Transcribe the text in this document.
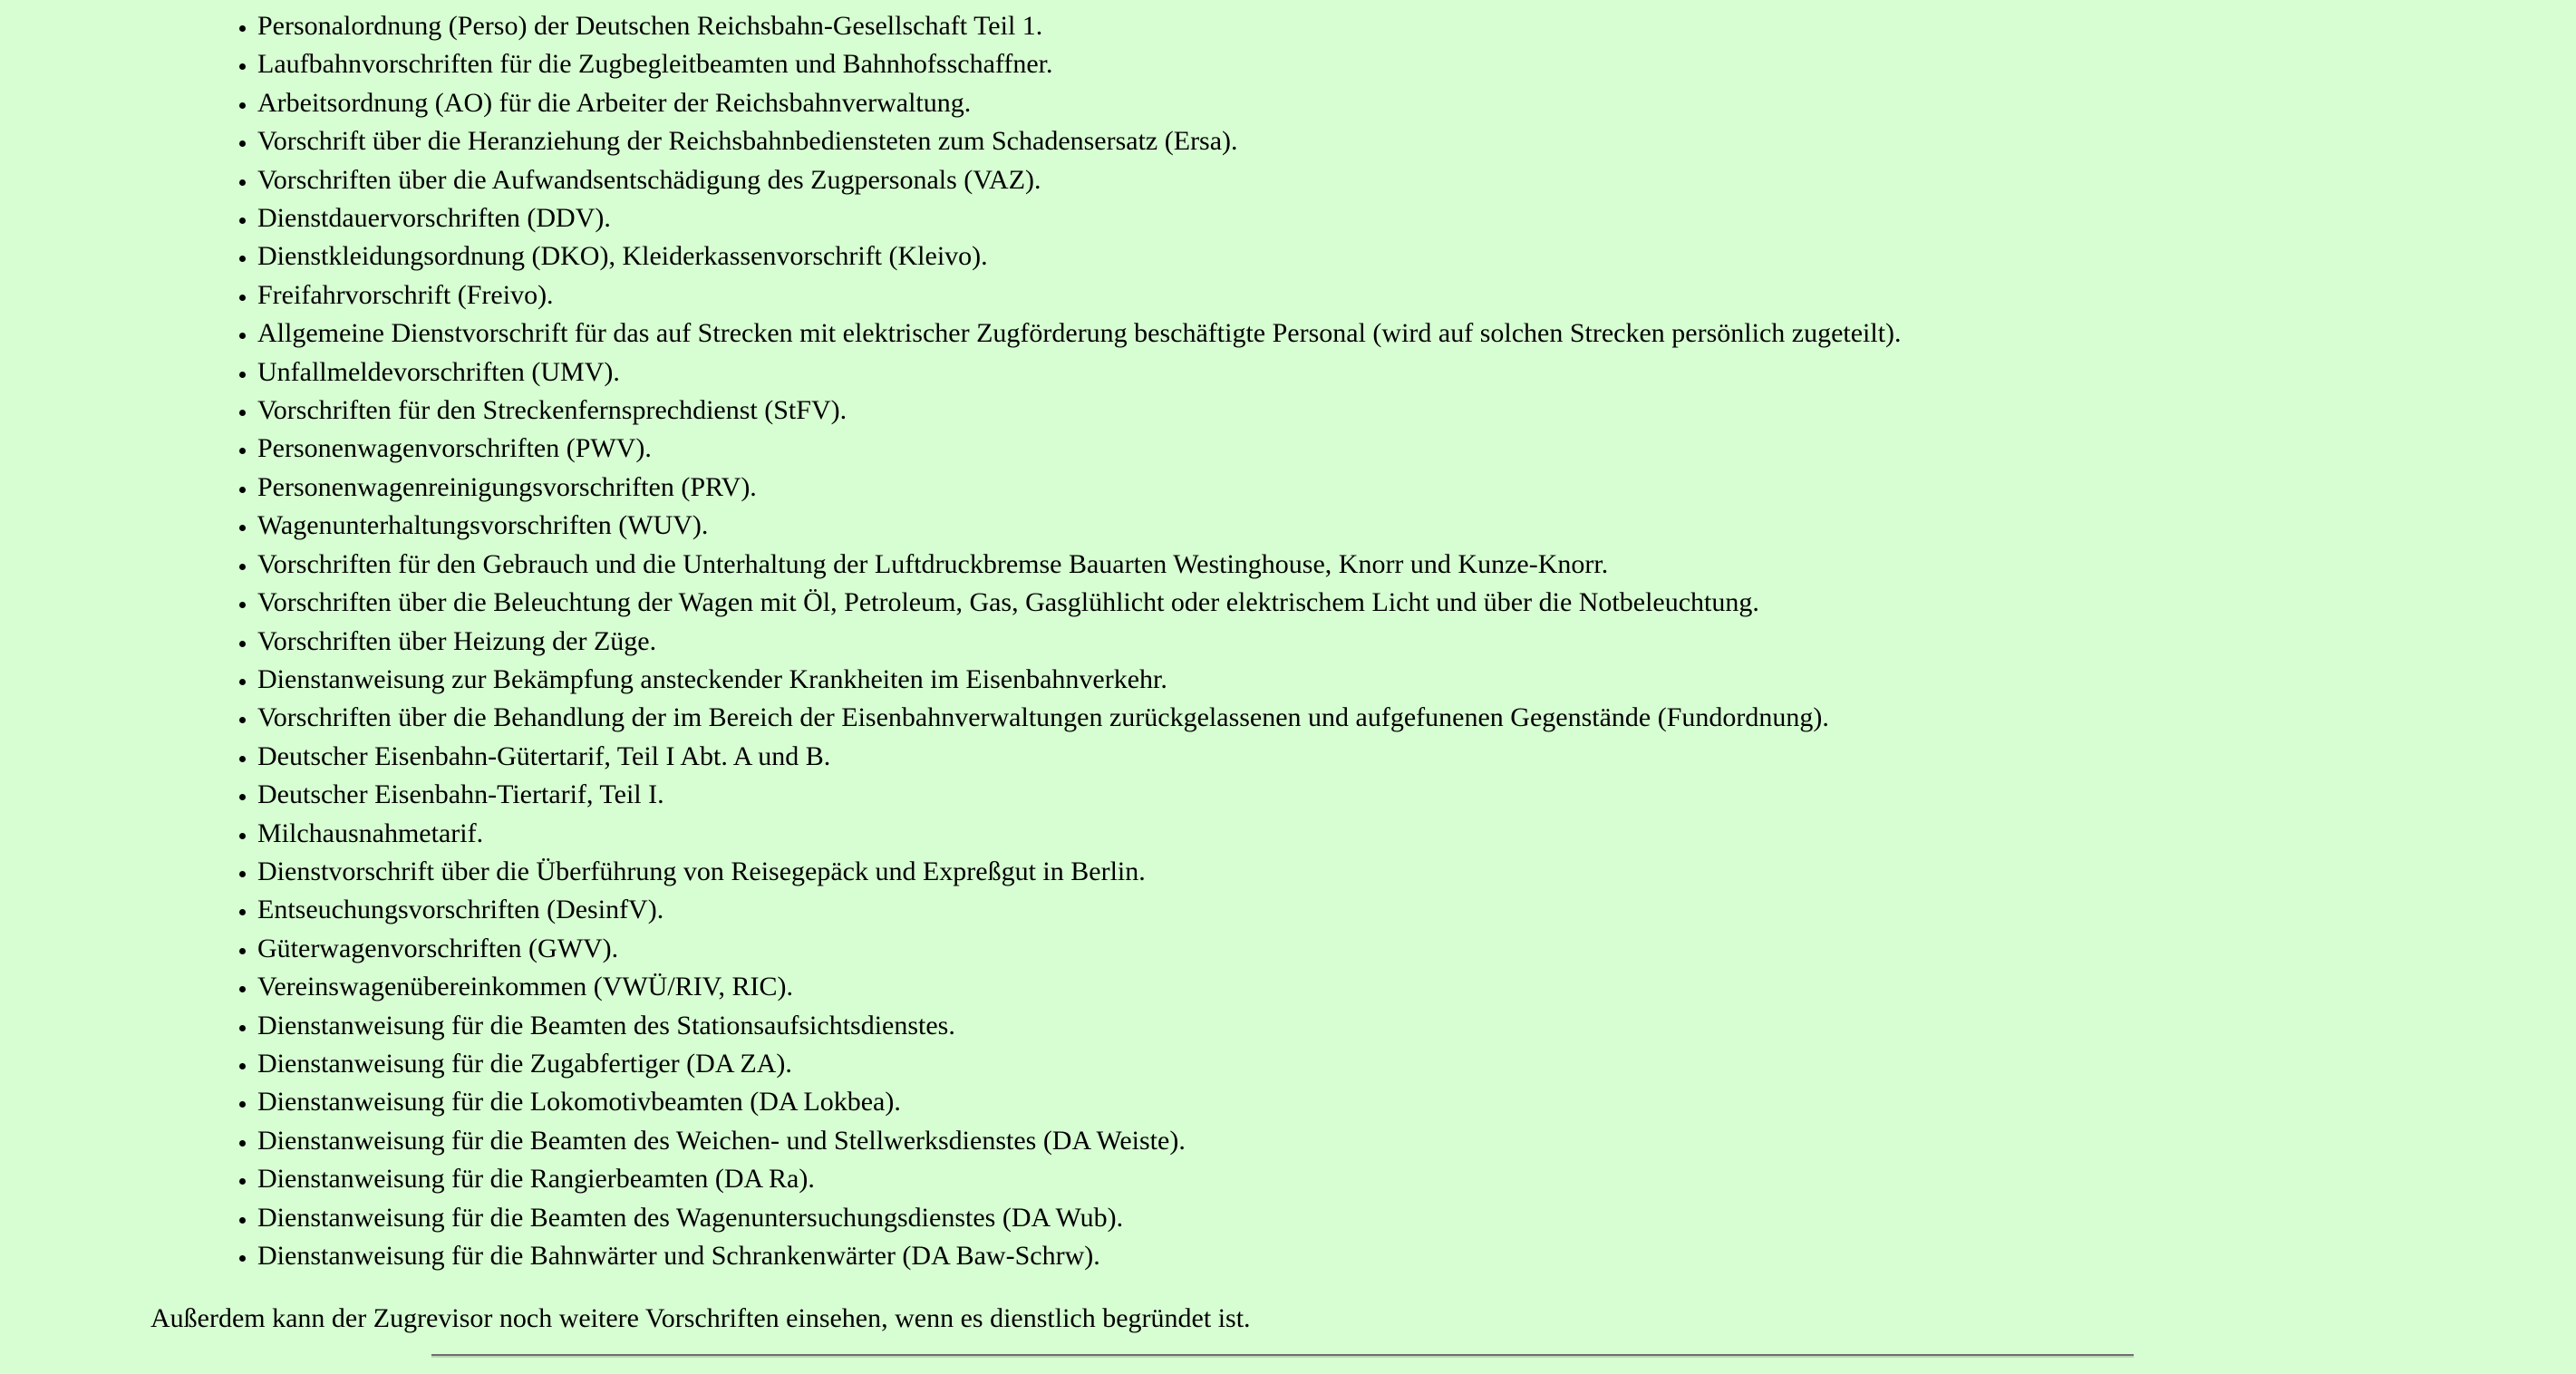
• Personalordnung (Perso) der Deutschen Reichsbahn-Gesellschaft Teil 1.
• Laufbahnvorschriften für die Zugbegleitbeamten und Bahnhofsschaffner.
• Arbeitsordnung (AO) für die Arbeiter der Reichsbahnverwaltung.
• Vorschrift über die Heranziehung der Reichsbahnbediensteten zum Schadensersatz (Ersa).
• Vorschriften über die Aufwandsentschädigung des Zugpersonals (VAZ).
• Dienstdauervorschriften (DDV).
• Dienstkleidungsordnung (DKO), Kleiderkassenvorschrift (Kleivo).
• Freifahrvorschrift (Freivo).
• Allgemeine Dienstvorschrift für das auf Strecken mit elektrischer Zugförderung beschäftigte Personal (wird auf solchen Strecken persönlich zugeteilt).
• Unfallmeldevorschriften (UMV).
• Vorschriften für den Streckenfernsprechdienst (StFV).
• Personenwagenvorschriften (PWV).
• Personenwagenreinigungsvorschriften (PRV).
• Wagenunterhaltungsvorschriften (WUV).
• Vorschriften für den Gebrauch und die Unterhaltung der Luftdruckbremse Bauarten Westinghouse, Knorr und Kunze-Knorr.
• Vorschriften über die Beleuchtung der Wagen mit Öl, Petroleum, Gas, Gasglühlicht oder elektrischem Licht und über die Notbeleuchtung.
• Vorschriften über Heizung der Züge.
• Dienstanweisung zur Bekämpfung ansteckender Krankheiten im Eisenbahnverkehr.
• Vorschriften über die Behandlung der im Bereich der Eisenbahnverwaltungen zurückgelassenen und aufgefunenen Gegenstände (Fundordnung).
• Deutscher Eisenbahn-Gütertarif, Teil I Abt. A und B.
• Deutscher Eisenbahn-Tiertarif, Teil I.
• Milchausnahmetarif.
• Dienstvorschrift über die Überführung von Reisegepäck und Expreßgut in Berlin.
• Entseuchungsvorschriften (DesinfV).
• Güterwagenvorschriften (GWV).
• Vereinswagenübereinkommen (VWÜ/RIV, RIC).
• Dienstanweisung für die Beamten des Stationsaufsichtsdienstes.
• Dienstanweisung für die Zugabfertiger (DA ZA).
• Dienstanweisung für die Lokomotivbeamten (DA Lokbea).
• Dienstanweisung für die Beamten des Weichen- und Stellwerksdienstes (DA Weiste).
• Dienstanweisung für die Rangierbeamten (DA Ra).
• Dienstanweisung für die Beamten des Wagenuntersuchungsdienstes (DA Wub).
• Dienstanweisung für die Bahnwärter und Schrankenwärter (DA Baw-Schrw).

Außerdem kann der Zugrevisor noch weitere Vorschriften einsehen, wenn es dienstlich begründet ist.
